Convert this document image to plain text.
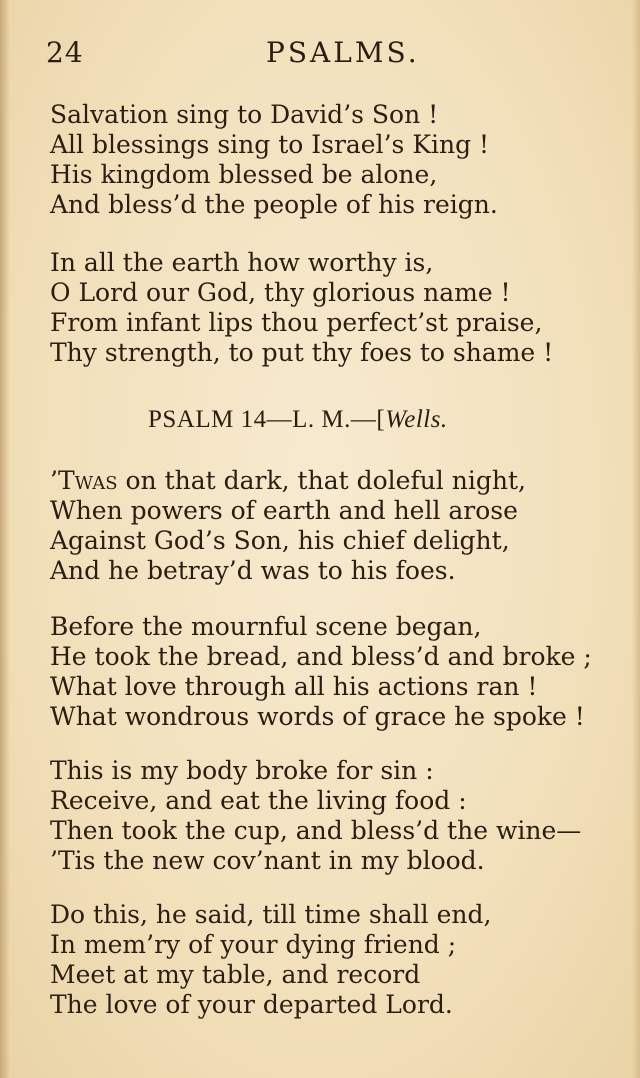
24	PSALMS.
Salvation sing to David’s Son !
All blessings sing to Israel’s King !
His kingdom blessed be alone,
And bless’d the people of his reign.
In all the earth how worthy is,
O Lord our God, thy glorious name !
From infant lips thou perfect’st praise,
Thy strength, to put thy foes to shame !
PSALM 14—L. M.—[Wells.
’Twas on that dark, that doleful night,
When powers of earth and hell arose
Against God’s Son, his chief delight,
And he betray’d was to his foes.
Before the mournful scene began,
He took the bread, and bless’d and broke ;
What love through all his actions ran !
What wondrous words of grace he spoke !
This is my body broke for sin :
Receive, and eat the living food :
Then took the cup, and bless’d the wine—
’Tis the new cov’nant in my blood.
Do this, he said, till time shall end,
In mem’ry of your dying friend ;
Meet at my table, and record
The love of your departed Lord.
